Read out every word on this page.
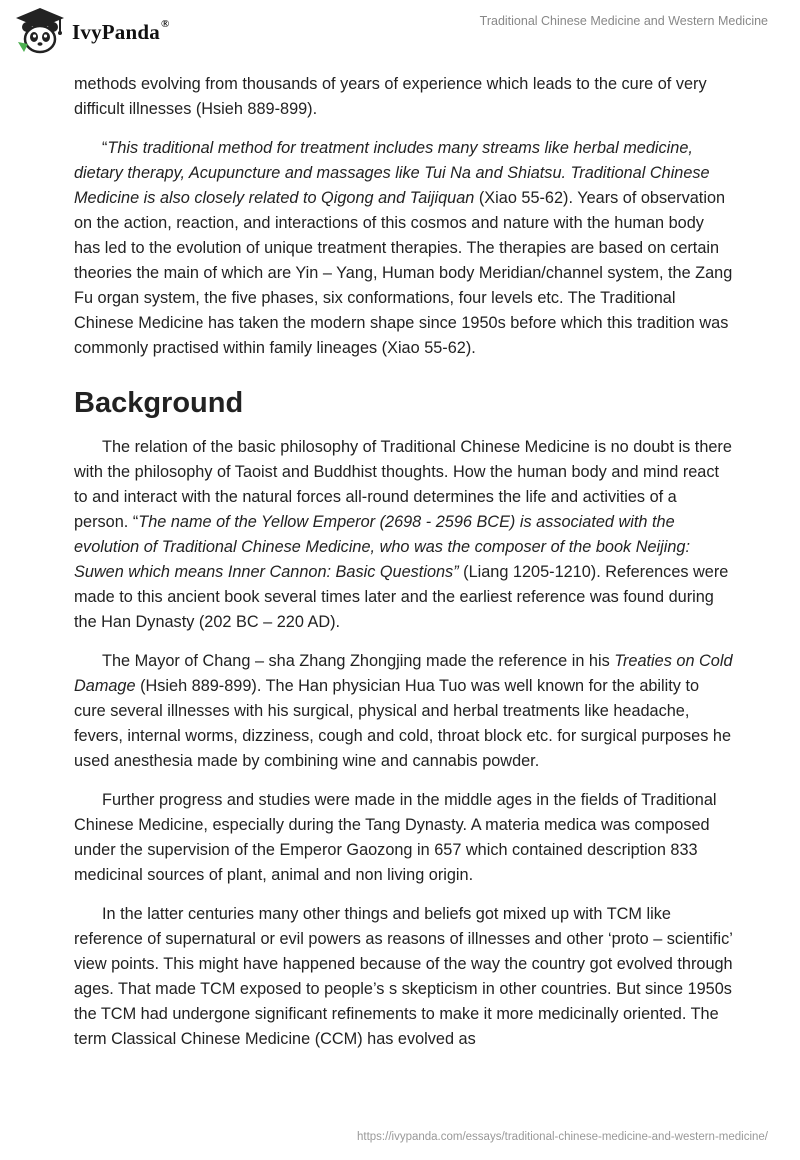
IvyPanda®	Traditional Chinese Medicine and Western Medicine

methods evolving from thousands of years of experience which leads to the cure of very difficult illnesses (Hsieh 889-899).

“This traditional method for treatment includes many streams like herbal medicine, dietary therapy, Acupuncture and massages like Tui Na and Shiatsu. Traditional Chinese Medicine is also closely related to Qigong and Taijiquan (Xiao 55-62). Years of observation on the action, reaction, and interactions of this cosmos and nature with the human body has led to the evolution of unique treatment therapies. The therapies are based on certain theories the main of which are Yin – Yang, Human body Meridian/channel system, the Zang Fu organ system, the five phases, six conformations, four levels etc. The Traditional Chinese Medicine has taken the modern shape since 1950s before which this tradition was commonly practised within family lineages (Xiao 55-62).

Background

The relation of the basic philosophy of Traditional Chinese Medicine is no doubt is there with the philosophy of Taoist and Buddhist thoughts. How the human body and mind react to and interact with the natural forces all-round determines the life and activities of a person. “The name of the Yellow Emperor (2698 - 2596 BCE) is associated with the evolution of Traditional Chinese Medicine, who was the composer of the book Neijing: Suwen which means Inner Cannon: Basic Questions” (Liang 1205-1210). References were made to this ancient book several times later and the earliest reference was found during the Han Dynasty (202 BC – 220 AD).

The Mayor of Chang – sha Zhang Zhongjing made the reference in his Treaties on Cold Damage (Hsieh 889-899). The Han physician Hua Tuo was well known for the ability to cure several illnesses with his surgical, physical and herbal treatments like headache, fevers, internal worms, dizziness, cough and cold, throat block etc. for surgical purposes he used anesthesia made by combining wine and cannabis powder.

Further progress and studies were made in the middle ages in the fields of Traditional Chinese Medicine, especially during the Tang Dynasty. A materia medica was composed under the supervision of the Emperor Gaozong in 657 which contained description 833 medicinal sources of plant, animal and non living origin.

In the latter centuries many other things and beliefs got mixed up with TCM like reference of supernatural or evil powers as reasons of illnesses and other ‘proto – scientific’ view points. This might have happened because of the way the country got evolved through ages. That made TCM exposed to people’s s skepticism in other countries. But since 1950s the TCM had undergone significant refinements to make it more medicinally oriented. The term Classical Chinese Medicine (CCM) has evolved as

https://ivypanda.com/essays/traditional-chinese-medicine-and-western-medicine/
